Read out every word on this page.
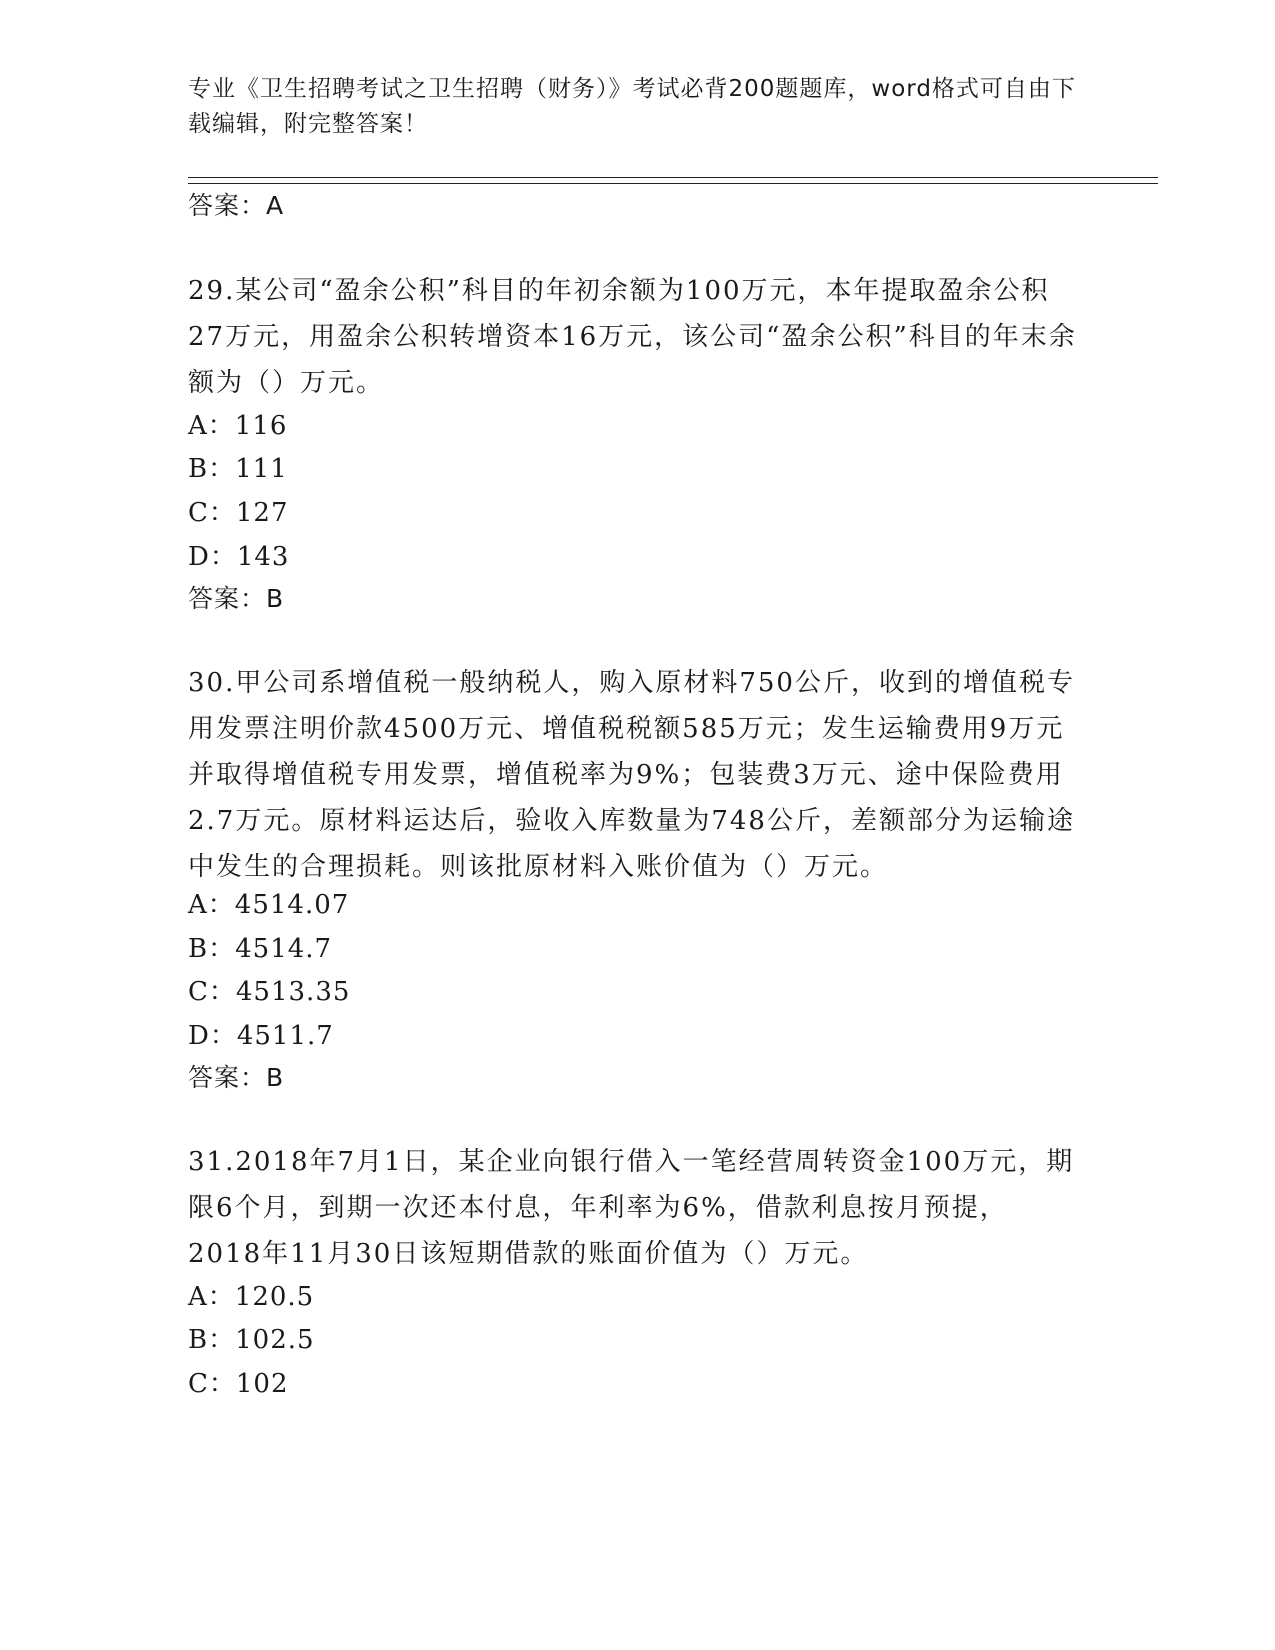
专业《卫生招聘考试之卫生招聘（财务）》考试必背200题题库，word格式可自由下载编辑，附完整答案！
答案：A
29.某公司“盈余公积”科目的年初余额为100万元，本年提取盈余公积27万元，用盈余公积转增资本16万元，该公司“盈余公积”科目的年末余额为（）万元。
A：116
B：111
C：127
D：143
答案：B
30.甲公司系增值税一般纳税人，购入原材料750公斤，收到的增值税专用发票注明价款4500万元、增值税税额585万元；发生运输费用9万元并取得增值税专用发票，增值税率为9%；包装费3万元、途中保险费用2.7万元。原材料运达后，验收入库数量为748公斤，差额部分为运输途中发生的合理损耗。则该批原材料入账价值为（）万元。
A：4514.07
B：4514.7
C：4513.35
D：4511.7
答案：B
31.2018年7月1日，某企业向银行借入一笔经营周转资金100万元，期限6个月，到期一次还本付息，年利率为6%，借款利息按月预提，2018年11月30日该短期借款的账面价值为（）万元。
A：120.5
B：102.5
C：102
